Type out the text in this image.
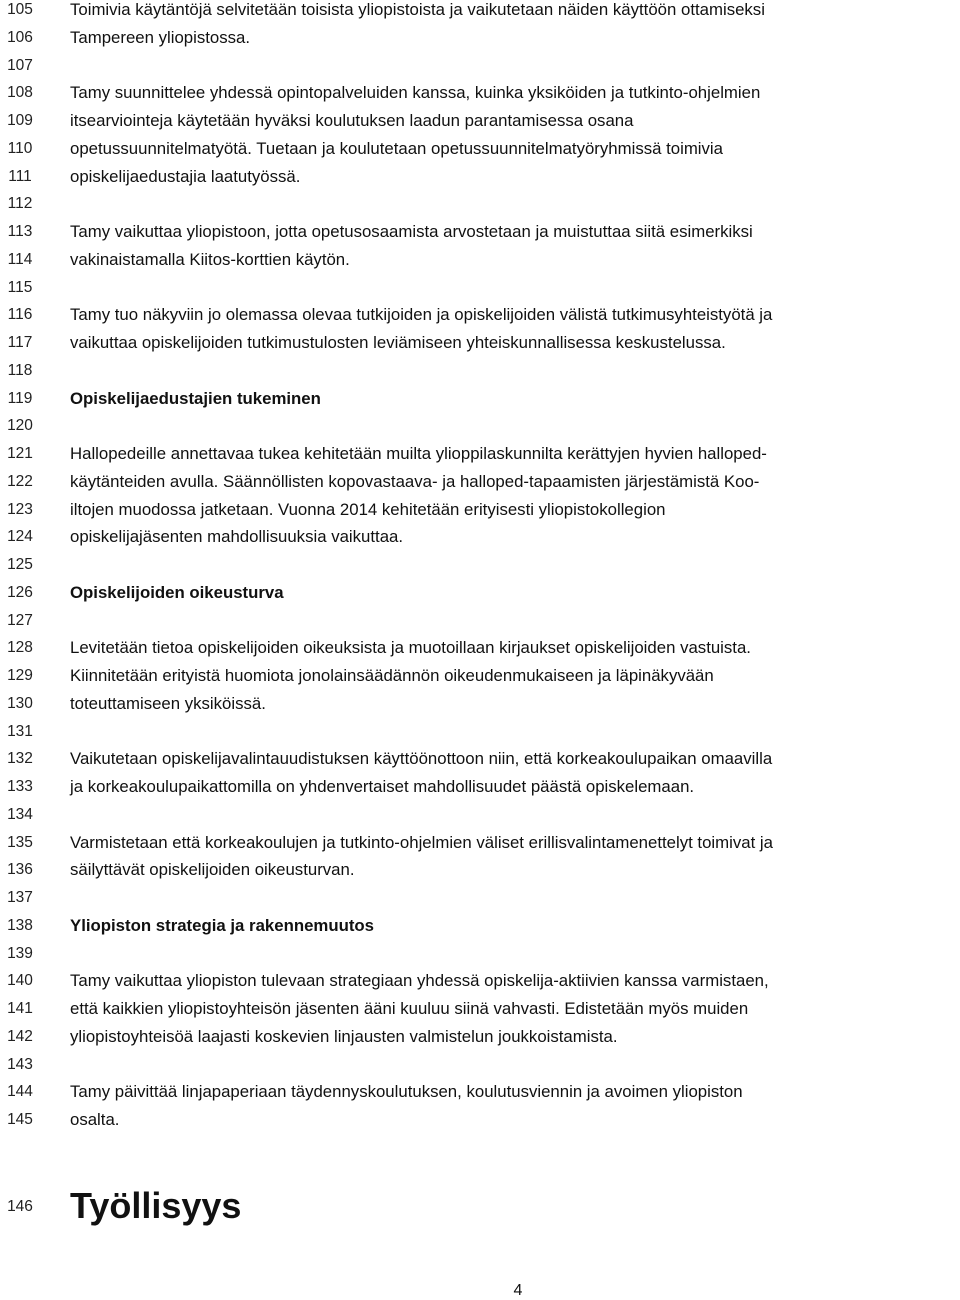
105
106
107
108
109
110
111
112
113
114
115
116
117
118
119
120
121
122
123
124
125
126
127
128
129
130
131
132
133
134
135
136
137
138
139
140
141
142
143
144
145
146
Toimivia käytäntöjä selvitetään toisista yliopistoista ja vaikutetaan näiden käyttöön ottamiseksi
Tampereen yliopistossa.
Tamy suunnittelee yhdessä opintopalveluiden kanssa, kuinka yksiköiden ja tutkinto-ohjelmien
itsearviointeja käytetään hyväksi koulutuksen laadun parantamisessa osana
opetussuunnitelmatyötä. Tuetaan ja koulutetaan opetussuunnitelmatyöryhmissä toimivia
opiskelijaedustajia laatutyössä.
Tamy vaikuttaa yliopistoon, jotta opetusosaamista arvostetaan ja muistuttaa siitä esimerkiksi
vakinaistamalla Kiitos-korttien käytön.
Tamy tuo näkyviin jo olemassa olevaa tutkijoiden ja opiskelijoiden välistä tutkimusyhteistyötä ja
vaikuttaa opiskelijoiden tutkimustulosten leviämiseen yhteiskunnallisessa keskustelussa.
Opiskelijaedustajien tukeminen
Hallopedeille annettavaa tukea kehitetään muilta ylioppilaskunnilta kerättyjen hyvien halloped-
käytänteiden avulla. Säännöllisten kopovastaava- ja halloped-tapaamisten järjestämistä Koo-
iltojen muodossa jatketaan. Vuonna 2014 kehitetään erityisesti yliopistokollegion
opiskelijajäsenten mahdollisuuksia vaikuttaa.
Opiskelijoiden oikeusturva
Levitetään tietoa opiskelijoiden oikeuksista ja muotoillaan kirjaukset opiskelijoiden vastuista.
Kiinnitetään erityistä huomiota jonolainsäädännön oikeudenmukaiseen ja läpinäkyvään
toteuttamiseen yksiköissä.
Vaikutetaan opiskelijavalintauudistuksen käyttöönottoon niin, että korkeakoulupaikan omaavilla
ja korkeakoulupaikattomilla on yhdenvertaiset mahdollisuudet päästä opiskelemaan.
Varmistetaan että korkeakoulujen ja tutkinto-ohjelmien väliset erillisvalintamenettelyt toimivat ja
säilyttävät opiskelijoiden oikeusturvan.
Yliopiston strategia ja rakennemuutos
Tamy vaikuttaa yliopiston tulevaan strategiaan yhdessä opiskelija-aktiivien kanssa varmistaen,
että kaikkien yliopistoyhteisön jäsenten ääni kuuluu siinä vahvasti. Edistetään myös muiden
yliopistoyhteisöä laajasti koskevien linjausten valmistelun joukkoistamista.
Tamy päivittää linjapaperiaan täydennyskoulutuksen, koulutusviennin ja avoimen yliopiston
osalta.
Työllisyys
4
